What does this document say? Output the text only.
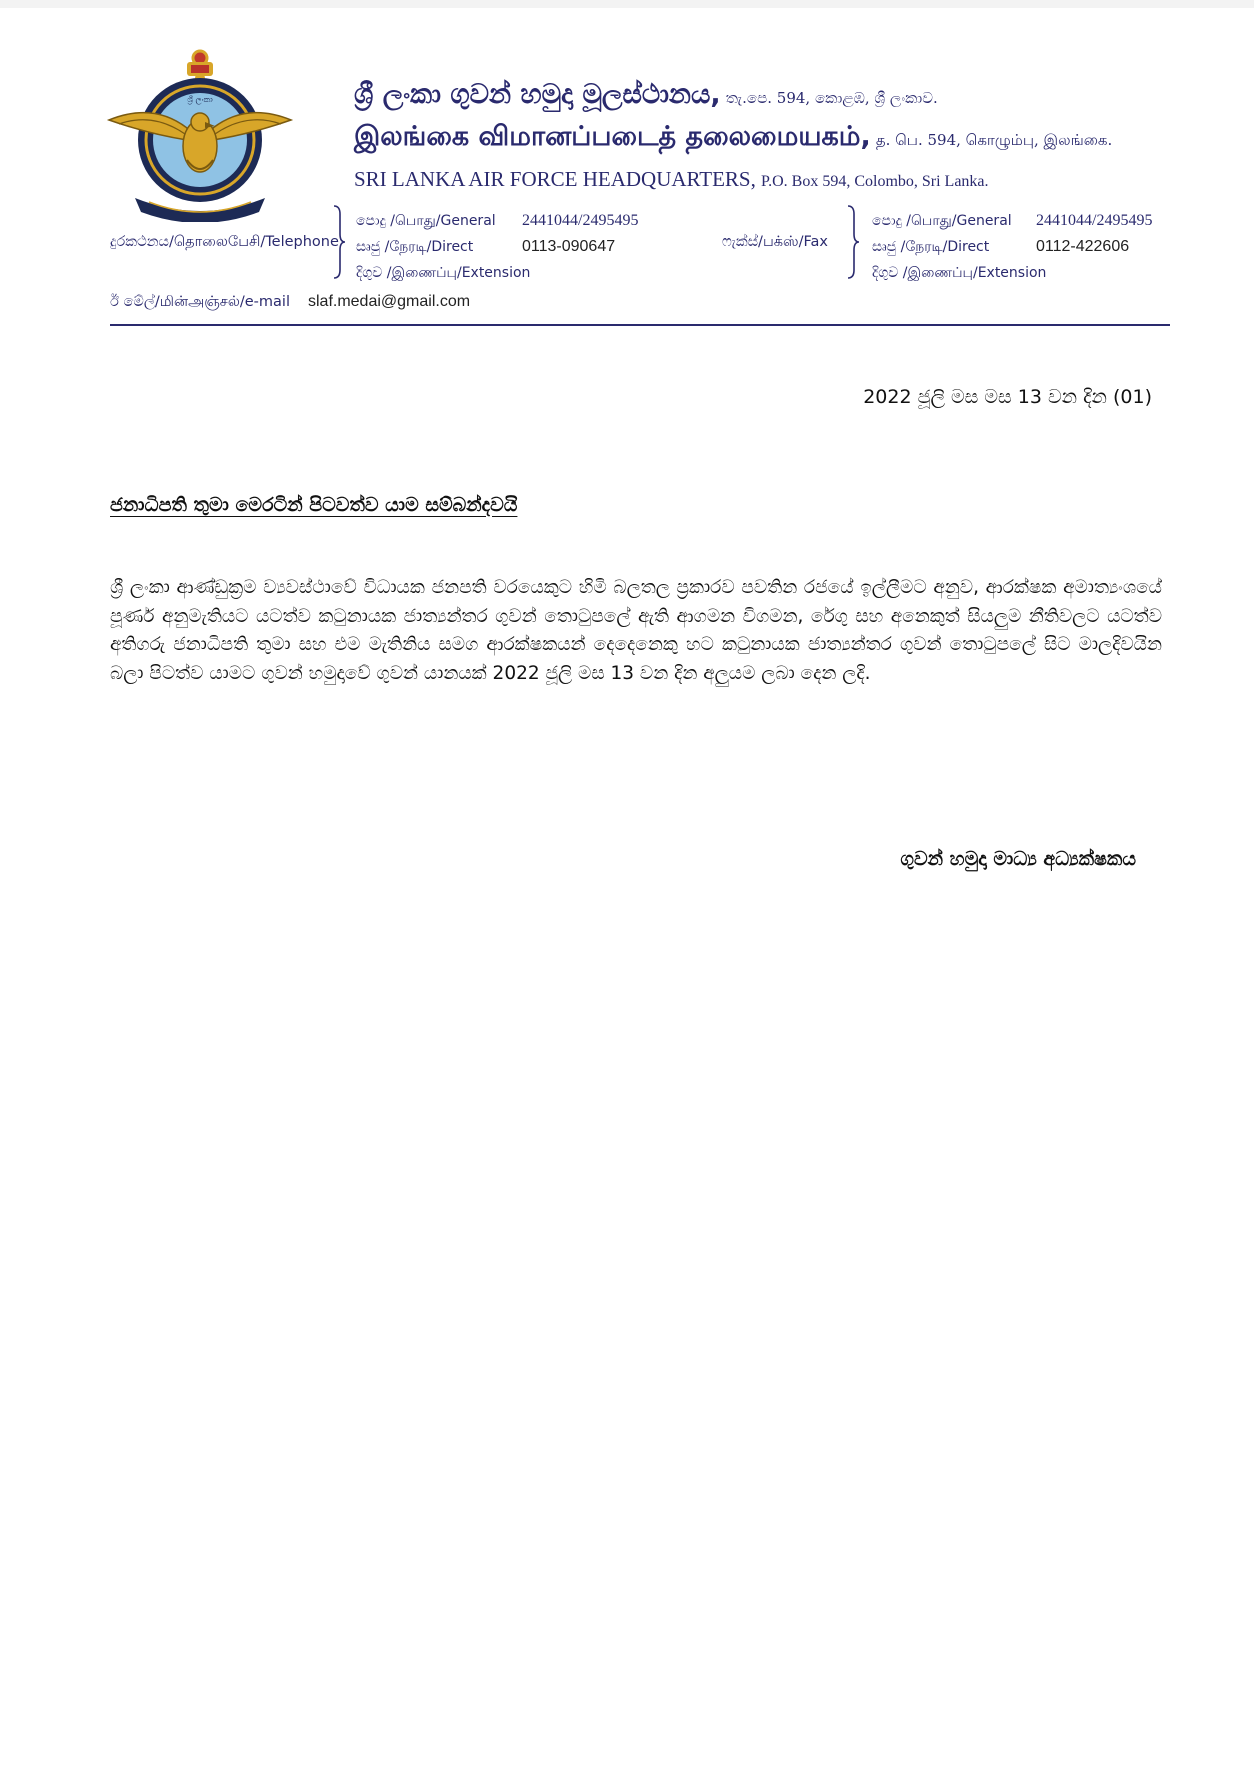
ශ්‍රී ලංකා	ශ්‍රී ලංකා ගුවන් හමුදා මූලස්ථානය, තැ.පෙ. 594, කොළඹ, ශ්‍රී ලංකාව.
இலங்கை விமானப்படைத் தலைமையகம், த. பெ. 594, கொழும்பு, இலங்கை.
SRI LANKA AIR FORCE HEADQUARTERS, P.O. Box 594, Colombo, Sri Lanka.
දුරකථනය/தொலைபேசி/Telephone
පොදු /பொது/General 2441044/2495495
සෘජු /நேரடி/Direct	0113-090647
දිගුව /இணைப்பு/Extension
ෆැක්ස්/பக்ஸ்/Fax
පොදු /பொது/General 2441044/2495495
සෘජු /நேரடி/Direct	0112-422606
දිගුව /இணைப்பு/Extension
ඊ මේල්/மின்அஞ்சல்/e-mail slaf.medai@gmail.com
2022 ජූලි මස මස 13 වන දින (01)
ජනාධිපති තුමා මෙරටින් පිටවත්ව යාම සම්බන්දවයි
ශ්‍රී ලංකා ආණ්ඩුක්‍රම ව්‍යවස්ථාවේ විධායක ජනපති වරයෙකුට හිමි බලතල ප්‍රකාරව පවතින රජයේ ඉල්ලීමට අනුව, ආරක්ෂක අමාත්‍යංශයේ පූර්ණ අනුමැතියට යටත්ව කටුනායක ජාත්‍යන්තර ගුවන් තොටුපලේ ඇති ආගමන විගමන, රේගු සහ අනෙකුත් සියලුම නීතිවලට යටත්ව අතිගරු ජනාධිපති තුමා සහ එම මැතිනිය සමග ආරක්ෂකයන් දෙදෙනෙකු හට කටුනායක ජාත්‍යන්තර ගුවන් තොටුපලේ සිට මාලදිවයින බලා පිටත්ව යාමට ගුවන් හමුදාවේ ගුවන් යානයක් 2022 ජූලි මස 13 වන දින අලුයම ලබා දෙන ලදි.
ගුවන් හමුදා මාධ්‍ය අධ්‍යක්ෂකය
